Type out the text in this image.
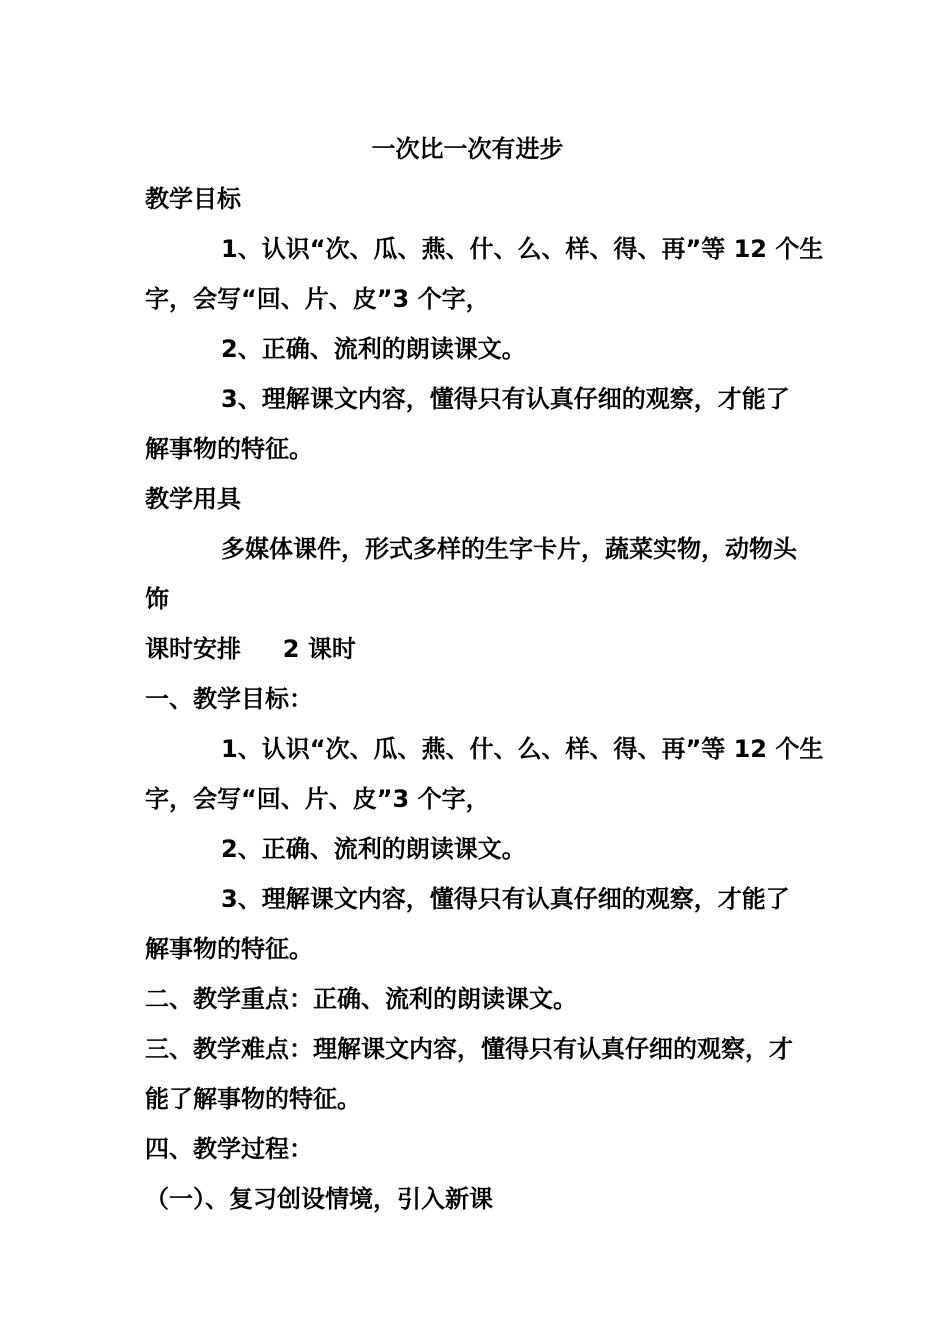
一次比一次有进步
教学目标
1、认识“次、瓜、燕、什、么、样、得、再”等 12 个生
字，会写“回、片、皮”3 个字，
2、正确、流利的朗读课文。
3、理解课文内容，懂得只有认真仔细的观察，才能了
解事物的特征。
教学用具
多媒体课件，形式多样的生字卡片，蔬菜实物，动物头
饰
课时安排     2 课时
一、教学目标：
1、认识“次、瓜、燕、什、么、样、得、再”等 12 个生
字，会写“回、片、皮”3 个字，
2、正确、流利的朗读课文。
3、理解课文内容，懂得只有认真仔细的观察，才能了
解事物的特征。
二、教学重点：正确、流利的朗读课文。
三、教学难点：理解课文内容，懂得只有认真仔细的观察，才
能了解事物的特征。
四、教学过程：
（一）、复习创设情境，引入新课
